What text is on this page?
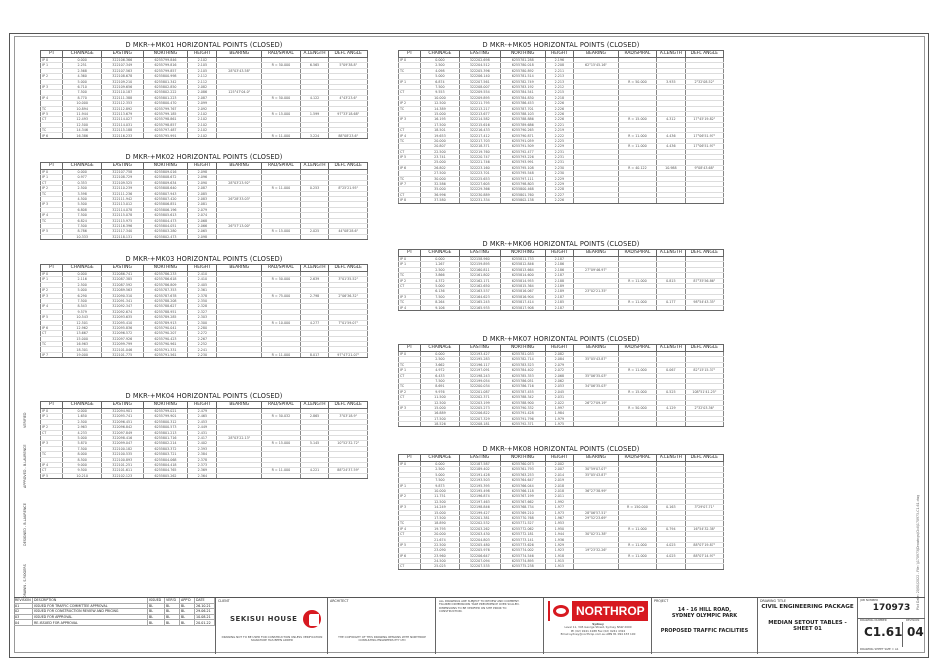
D MKR-+MK01 HORIZONTAL POINTS (CLOSED)
PT	CHAINAGE	EASTING	NORTHING	HEIGHT	BEARING	RAD/SPIRAL	A.LENGTH	DEFL ANGLE
IP 0	0.000	322106.366	6255799.846	2.102				
IP 1	2.251	322107.349	6255799.816	2.105		R = 50.000	6.565	5°09'38.8"
	2.568	322107.563	6255799.857	2.105	28°03'43.58"			
IP 2	4.360	322108.678	6255800.998	2.112				
	5.000	322109.210	6255801.342	2.112				
IP 3	6.710	322109.656	6255802.850	2.082				
	7.500	322110.187	6255802.222	2.086	125°47'04.0"			
IP 4	8.770	322111.388	6255801.223	2.087		R = 50.000	4.122	4°43'23.6"
	10.000	322112.353	6255800.470	2.099				
TC	10.894	322112.892	6255799.767	2.092				
IP 5	11.944	322113.679	6255799.185	2.102		R = 15.000	1.599	97°33'18.68"
CT	12.493	322114.027	6255798.861	2.102				
	12.500	322114.031	6255798.857	2.102				
TC	14.346	322115.188	6255797.487	2.102				
IP 6	16.386	322116.233	6255795.991	2.102		R = 11.000	3.224	88°08'23.6"
D MKR-+MK02 HORIZONTAL POINTS (CLOSED)
PT	CHAINAGE	EASTING	NORTHING	HEIGHT	BEARING	RAD/SPIRAL	A.LENGTH	DEFL ANGLE
IP 0	0.000	322107.758	6255809.016	2.098				
IP 1	0.977	322108.729	6255808.672	2.096				
CT	0.353	322109.525	6255809.634	2.090	28°03'23.92"			
IP 2	2.500	322110.239	6255808.640	2.087		R = 11.000	0.253	8°25'21.95"
TC	3.598	322111.236	6255807.943	2.085				
	4.500	322111.942	6255807.420	2.083	26°28'33.03"			
IP 3	5.500	322113.012	6255806.851	2.081				
	6.808	322114.078	6255806.196	2.079				
IP 4	7.500	322115.078	6255805.613	2.074				
TC	6.824	322115.975	6255804.473	2.068				
	7.500	322116.396	6255804.051	2.066	26°57'13.00"			
IP 5	8.786	322117.340	6255803.280	2.065		R = 15.000	2.025	44°08'28.6"
	10.333	322118.131	6255802.473	2.098				
D MKR-+MK03 HORIZONTAL POINTS (CLOSED)
PT	CHAINAGE	EASTING	NORTHING	HEIGHT	BEARING	RAD/SPIRAL	A.LENGTH	DEFL ANGLE
IP 0	0.000	322086.741	6255786.233	2.410				
IP 1	2.116	322087.385	6255786.618	2.410		R = 50.000	2.639	3°01'35.52"
	2.500	322087.592	6255786.809	2.405				
IP 2	5.000	322089.563	6255787.353	2.361				
IP 3	6.290	322090.310	6255787.678	2.378		R = 75.000	2.798	2°06'36.32"
	7.500	322091.341	6255788.208	2.350				
IP 4	8.543	322092.347	6255788.627	2.328				
	9.579	322092.674	6255788.951	2.327				
IP 5	10.543	322093.635	6255789.285	2.303				
	12.501	322095.410	6255789.913	2.300		R = 10.000	4.277	7°01'59.07"
IP 6	12.962	322095.836	6255790.041	2.280				
CT	13.667	322096.572	6255790.207	2.272				
	15.000	322097.926	6255790.423	2.267				
TC	16.963	322099.799	6255790.961	2.252				
	18.301	322101.046	6255791.331	2.241				
IP 7	19.000	322101.775	6255791.561	2.230		R = 11.000	8.017	97°47'21.07"
D MKR-+MK04 HORIZONTAL POINTS (CLOSED)
PT	CHAINAGE	EASTING	NORTHING	HEIGHT	BEARING	RAD/SPIRAL	A.LENGTH	DEFL ANGLE
IP 0	0.000	322094.901	6255799.021	2.479				
IP 1	1.650	322095.741	6255799.901	2.465		R = 50.032	2.865	3°03'18.9"
	2.500	322096.451	6255800.312	2.453				
IP 2	2.963	322096.842	6255800.573	2.449				
CT	4.233	322097.849	6255801.213	2.431				
	5.000	322098.416	6255801.716	2.417	28°03'22.13"			
IP 3	5.870	322099.047	6255802.214	2.402		R = 15.000	5.145	10°52'32.72"
	7.500	322100.182	6255803.372	2.393				
TC	8.000	322100.535	6255803.721	2.384				
	8.500	322100.893	6255804.068	2.378				
IP 4	9.000	322101.251	6255804.418	2.373				
CT	9.500	322101.611	6255804.765	2.369		R = 11.000	4.221	88°24'37.59"
IP 5	10.210	322102.123	6255805.262	2.364				
D MKR-+MK05 HORIZONTAL POINTS (CLOSED)
PT	CHAINAGE	EASTING	NORTHING	HEIGHT	BEARING	RAD/SPIRAL	A.LENGTH	DEFL ANGLE
IP 0	0.000	322202.698	6255781.288	2.196				
	2.500	322204.512	6255780.018	2.208	62°15'45.16"			
TC	4.098	322205.396	6255780.892	2.211				
	5.000	322206.140	6255781.514	2.213				
IP 1	6.874	322207.561	6255782.749	2.213		R = 50.000	3.935	2°32'08.52"
	7.500	322208.007	6255783.192	2.212				
CT	9.553	322209.554	6255784.541	2.215				
	10.000	322209.895	6255784.830	2.218				
IP 2	12.500	322211.795	6255786.453	2.226				
TC	14.389	322213.217	6255787.701	2.226				
	15.000	322213.677	6255788.103	2.226				
IP 3	16.195	322214.582	6255788.886	2.226		R = 15.000	4.312	17°45'19.82"
	17.500	322215.616	6255789.686	2.221				
CT	18.501	322216.433	6255790.265	2.219				
IP 4	19.653	322217.412	6255790.871	2.222		R = 11.000	4.436	17°06'51.97"
TC	20.000	322217.703	6255791.059	2.225				
	20.807	322218.371	6255791.509	2.229		R = 11.000	4.436	17°06'51.97"
CT	22.500	322219.760	6255792.477	2.231				
IP 5	23.741	322220.747	6255793.226	2.231				
	25.000	322221.746	6255793.991	2.231				
IP 6	26.802	322223.160	6255795.108	2.230		R = 40.122	10.988	9°08'43.68"
	27.500	322223.701	6255795.548	2.230				
TC	30.000	322225.653	6255797.111	2.229				
IP 7	32.586	322227.605	6255798.803	2.229				
	35.000	322229.366	6255800.468	2.228				
CT	36.996	322230.889	6255801.760	2.227				
IP 8	37.580	322231.334	6255802.138	2.226				
D MKR-+MK06 HORIZONTAL POINTS (CLOSED)
PT	CHAINAGE	EASTING	NORTHING	HEIGHT	BEARING	RAD/SPIRAL	A.LENGTH	DEFL ANGLE
IP 0	0.000	322158.960	6255811.733	2.187				
IP 1	1.267	322159.895	6255812.846	2.186				
	2.500	322160.811	6255813.664	2.186	27°09'46.97"			
TC	3.866	322161.802	6255814.600	2.187				
IP 2	4.372	322162.171	6255814.955	2.188		R = 11.000	0.815	87°35'56.86"
CT	5.000	322162.650	6255815.364	2.189				
	6.136	322163.537	6255816.067	2.189	23°02'21.35"			
IP 3	7.500	322164.623	6255816.904	2.187				
TC	8.264	322165.245	6255817.414	2.185		R = 11.000	0.177	98°54'43.35"
IP 4	9.106	322165.935	6255817.908	2.187				
D MKR-+MK07 HORIZONTAL POINTS (CLOSED)
PT	CHAINAGE	EASTING	NORTHING	HEIGHT	BEARING	RAD/SPIRAL	A.LENGTH	DEFL ANGLE
IP 0	0.000	322193.427	6255781.033	2.082				
	2.500	322195.283	6255782.714	2.084	35°05'43.87"			
TC	3.662	322196.117	6255783.523	2.079				
IP 1	4.972	322197.091	6255784.402	2.072		R = 11.000	0.067	82°15'15.37"
CT	6.433	322198.243	6255785.353	2.068	35°06'35.03"			
	7.500	322199.054	6255786.051	2.062				
TC	8.691	322200.034	6255786.716	2.053	34°06'35.03"			
IP 2	9.976	322201.087	6255787.455	2.045		R = 15.000	0.525	108°51'41.25"
CT	11.500	322202.371	6255788.342	2.031				
	12.500	322203.199	6255788.900	2.022	26°27'09.19"			
IP 3	15.000	322205.273	6255790.332	1.997		R = 50.000	4.129	2°32'03.36"
	16.889	322206.822	6255791.428	1.984				
	17.500	322207.329	6255791.796	1.979				
	18.526	322208.181	6255792.371	1.975				
D MKR-+MK08 HORIZONTAL POINTS (CLOSED)
PT	CHAINAGE	EASTING	NORTHING	HEIGHT	BEARING	RAD/SPIRAL	A.LENGTH	DEFL ANGLE
IP 0	0.000	322187.587	6255760.073	2.002				
	2.500	322189.402	6255761.793	2.007	30°59'07.07"			
	5.000	322191.428	6255763.253	2.014	35°05'43.87"			
	7.500	322193.503	6255764.647	2.019				
IP 1	9.873	322195.395	6255766.044	2.018				
	10.000	322195.498	6255766.118	2.018	36°27'38.99"			
IP 2	11.751	322196.874	6255767.199	2.011				
	12.500	322197.463	6255767.662	1.992				
IP 3	14.249	322198.846	6255768.734	1.977		R = 150.000	0.163	3°29'07.71"
	15.000	322199.427	6255769.210	1.973	28°06'57.51"			
	17.500	322201.381	6255770.768	1.967	29°52'23.69"			
TC	18.890	322202.532	6255771.527	1.953				
IP 4	19.795	322203.262	6255772.062	1.950		R = 11.000	0.794	16°54'32.38"
CT	20.000	322203.430	6255772.181	1.944	30°02'31.38"			
	21.674	322204.803	6255773.141	1.936				
IP 5	22.500	322205.480	6255773.626	1.929		R = 11.000	4.025	88°07'19.87"
	23.090	322205.976	6255774.002	1.923	19°23'32.26"			
IP 6	23.960	322206.647	6255774.546	1.918		R = 11.000	4.025	88°07'14.97"
	24.500	322207.094	6255774.895	1.915				
CT	25.025	322207.535	6255775.238	1.915				
VERIFIED
APPROVED - B.LAURENCE
DESIGNED - B.LAURENCE
DRAWN - S.ROGERS	Plot Date: 20/01/2022 - File: \\170973\Drawings\Civil\170973-C1.61.dwg
REVISION	DESCRIPTION	ISSUED	VER'D	APP'D	DATE
01	ISSUED FOR TRAFFIC COMMITTEE APPROVAL	BL	BL	BL	26.10.21
02	ISSUED FOR CONSTRUCTION REVIEW AND PRICING	BL	BL	BL	29.06.21
03	ISSUED FOR APPROVAL	BL	BL	BL	10.08.21
04	RE-ISSUED FOR APPROVAL	BL	BL	BL	20.01.22
CLIENT
SEKISUI HOUSE
DRAWING NOT TO BE USED FOR CONSTRUCTION UNLESS VERIFICATION SIGNATURE HAS BEEN ADDED
ARCHITECT
THE COPYRIGHT OF THIS DRAWING REMAINS WITH NORTHROP CONSULTING ENGINEERS PTY LTD
ALL DRAWINGS ARE SUBJECT TO REVIEW AND COMMENT. FIGURED DIMENSIONS TAKE PRECEDENCE OVER SCALED. DIMENSIONS TO BE VERIFIED ON SITE PRIOR TO CONSTRUCTION.	NORTHROP
Sydney
Level 11, 345 George Street, Sydney NSW 2000
Ph (02) 9241 4188 Fax (02) 9241 4324
Email sydney@northrop.com.au ABN 81 094 433 100
PROJECT
14 - 16 HILL ROAD,
SYDNEY OLYMPIC PARK
PROPOSED TRAFFIC FACILITIES
DRAWING TITLE
CIVIL ENGINEERING PACKAGE
MEDIAN SETOUT TABLES -
SHEET 01
JOB NUMBER
170973
DRAWING NUMBER	REVISION
C1.61 04
DRAWING SHEET SIZE = A1
